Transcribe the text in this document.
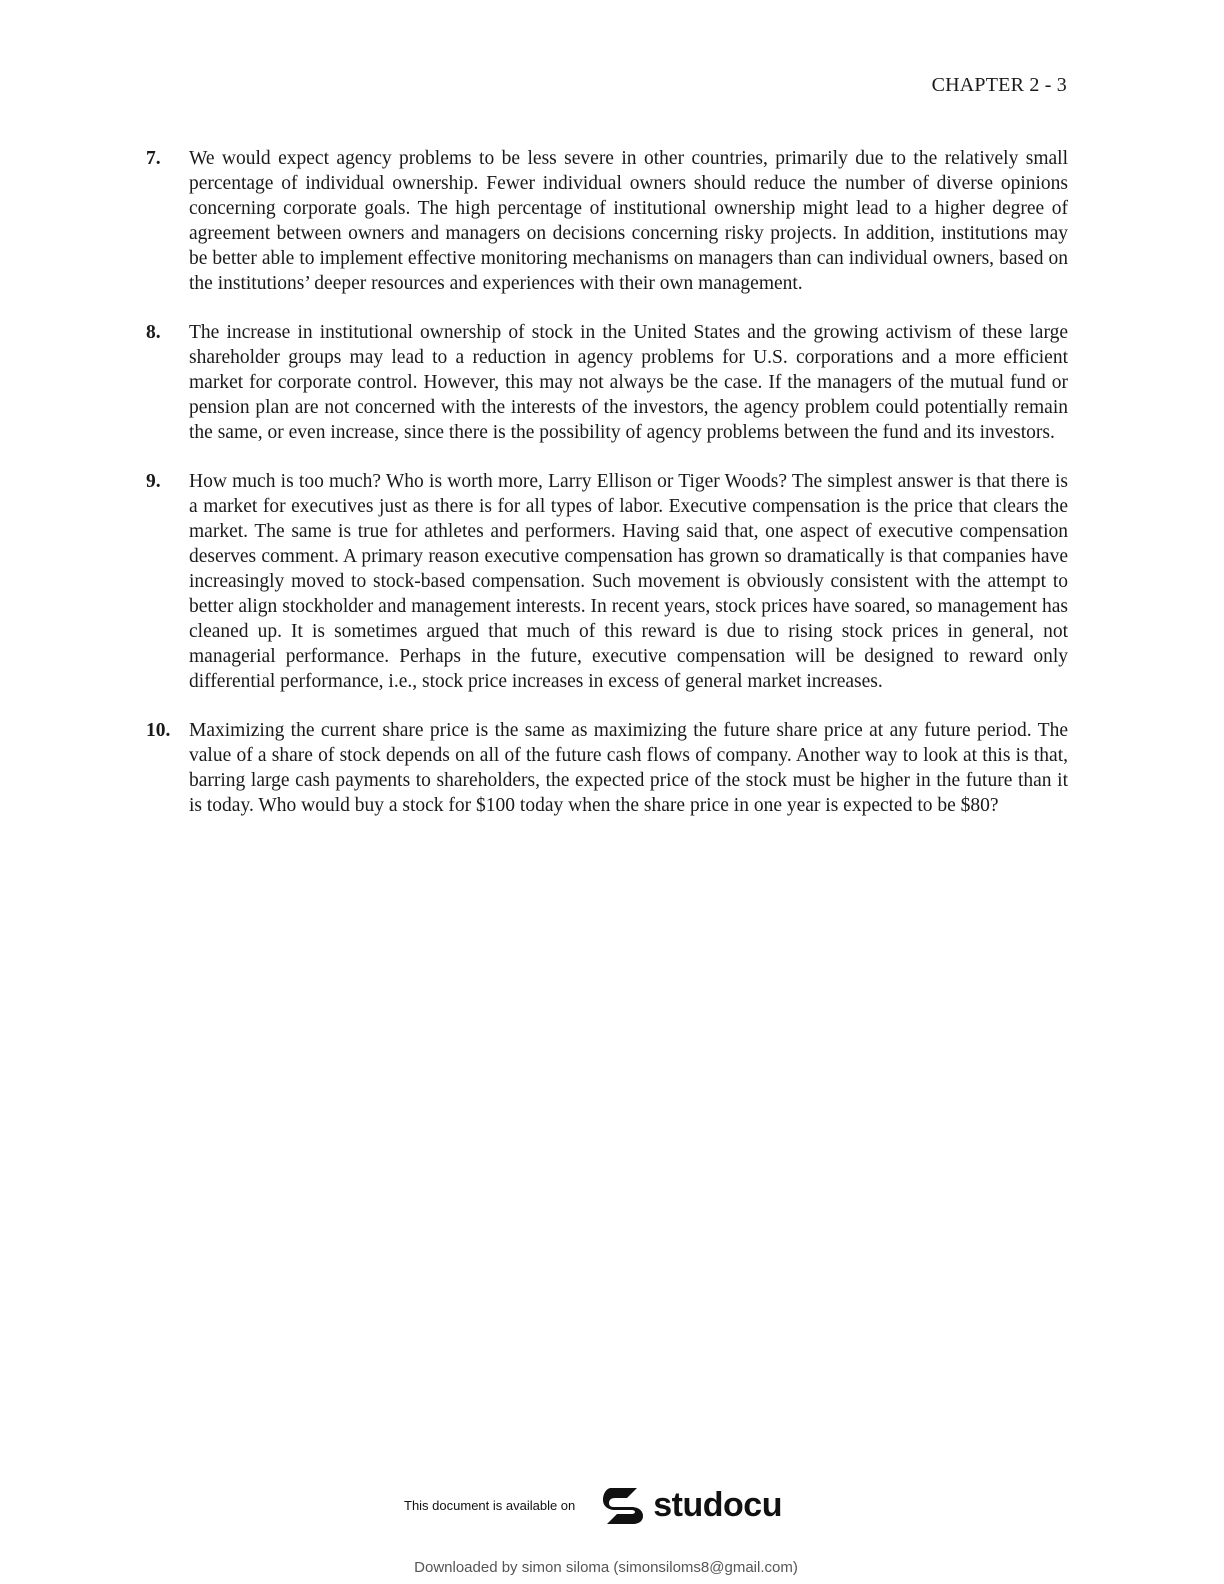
CHAPTER 2 - 3
7. We would expect agency problems to be less severe in other countries, primarily due to the relatively small percentage of individual ownership. Fewer individual owners should reduce the number of diverse opinions concerning corporate goals. The high percentage of institutional ownership might lead to a higher degree of agreement between owners and managers on decisions concerning risky projects. In addition, institutions may be better able to implement effective monitoring mechanisms on managers than can individual owners, based on the institutions’ deeper resources and experiences with their own management.
8. The increase in institutional ownership of stock in the United States and the growing activism of these large shareholder groups may lead to a reduction in agency problems for U.S. corporations and a more efficient market for corporate control. However, this may not always be the case. If the managers of the mutual fund or pension plan are not concerned with the interests of the investors, the agency problem could potentially remain the same, or even increase, since there is the possibility of agency problems between the fund and its investors.
9. How much is too much? Who is worth more, Larry Ellison or Tiger Woods? The simplest answer is that there is a market for executives just as there is for all types of labor. Executive compensation is the price that clears the market. The same is true for athletes and performers. Having said that, one aspect of executive compensation deserves comment. A primary reason executive compensation has grown so dramatically is that companies have increasingly moved to stock-based compensation. Such movement is obviously consistent with the attempt to better align stockholder and management interests. In recent years, stock prices have soared, so management has cleaned up. It is sometimes argued that much of this reward is due to rising stock prices in general, not managerial performance. Perhaps in the future, executive compensation will be designed to reward only differential performance, i.e., stock price increases in excess of general market increases.
10. Maximizing the current share price is the same as maximizing the future share price at any future period. The value of a share of stock depends on all of the future cash flows of company. Another way to look at this is that, barring large cash payments to shareholders, the expected price of the stock must be higher in the future than it is today. Who would buy a stock for $100 today when the share price in one year is expected to be $80?
This document is available on studocu
Downloaded by simon siloma (simonsiloms8@gmail.com)
